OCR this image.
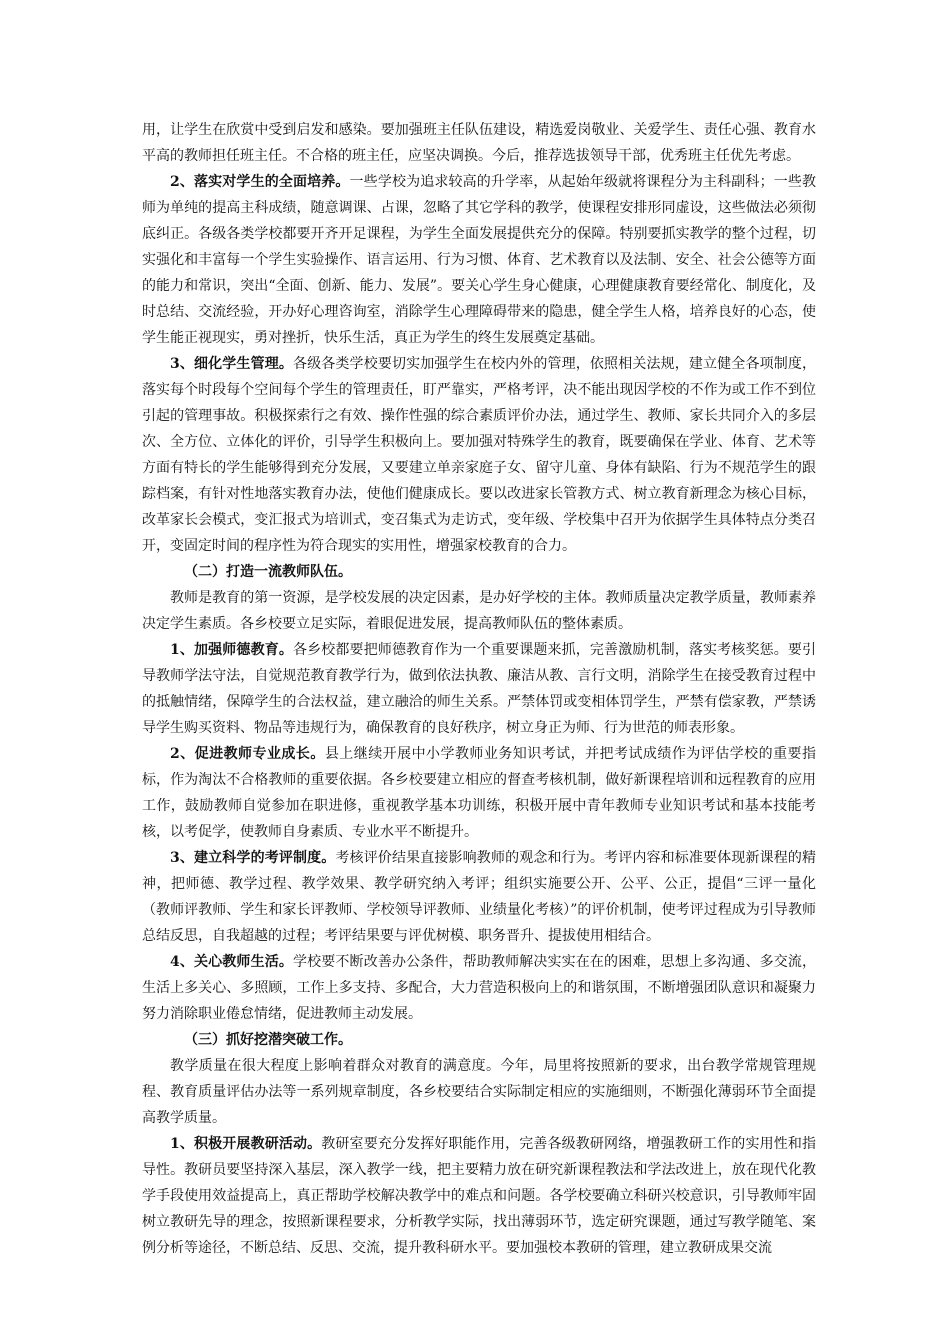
用，让学生在欣赏中受到启发和感染。要加强班主任队伍建设，精选爱岗敬业、关爱学生、责任心强、教育水平高的教师担任班主任。不合格的班主任，应坚决调换。今后，推荐选拔领导干部，优秀班主任优先考虑。

2、落实对学生的全面培养。一些学校为追求较高的升学率，从起始年级就将课程分为主科副科；一些教师为单纯的提高主科成绩，随意调课、占课，忽略了其它学科的教学，使课程安排形同虚设，这些做法必须彻底纠正。各级各类学校都要开齐开足课程，为学生全面发展提供充分的保障。特别要抓实教学的整个过程，切实强化和丰富每一个学生实验操作、语言运用、行为习惯、体育、艺术教育以及法制、安全、社会公德等方面的能力和常识，突出“全面、创新、能力、发展”。要关心学生身心健康，心理健康教育要经常化、制度化，及时总结、交流经验，开办好心理咨询室，消除学生心理障碍带来的隐患，健全学生人格，培养良好的心态，使学生能正视现实，勇对挫折，快乐生活，真正为学生的终生发展奠定基础。

3、细化学生管理。各级各类学校要切实加强学生在校内外的管理，依照相关法规，建立健全各项制度，落实每个时段每个空间每个学生的管理责任，盯严靠实，严格考评，决不能出现因学校的不作为或工作不到位引起的管理事故。积极探索行之有效、操作性强的综合素质评价办法，通过学生、教师、家长共同介入的多层次、全方位、立体化的评价，引导学生积极向上。要加强对特殊学生的教育，既要确保在学业、体育、艺术等方面有特长的学生能够得到充分发展，又要建立单亲家庭子女、留守儿童、身体有缺陷、行为不规范学生的跟踪档案，有针对性地落实教育办法，使他们健康成长。要以改进家长管教方式、树立教育新理念为核心目标，改革家长会模式，变汇报式为培训式，变召集式为走访式，变年级、学校集中召开为依据学生具体特点分类召开，变固定时间的程序性为符合现实的实用性，增强家校教育的合力。

（二）打造一流教师队伍。

教师是教育的第一资源，是学校发展的决定因素，是办好学校的主体。教师质量决定教学质量，教师素养决定学生素质。各乡校要立足实际，着眼促进发展，提高教师队伍的整体素质。

1、加强师德教育。各乡校都要把师德教育作为一个重要课题来抓，完善激励机制，落实考核奖惩。要引导教师学法守法，自觉规范教育教学行为，做到依法执教、廉洁从教、言行文明，消除学生在接受教育过程中的抵触情绪，保障学生的合法权益，建立融洽的师生关系。严禁体罚或变相体罚学生，严禁有偿家教，严禁诱导学生购买资料、物品等违规行为，确保教育的良好秩序，树立身正为师、行为世范的师表形象。

2、促进教师专业成长。县上继续开展中小学教师业务知识考试，并把考试成绩作为评估学校的重要指标，作为淘汰不合格教师的重要依据。各乡校要建立相应的督查考核机制，做好新课程培训和远程教育的应用工作，鼓励教师自觉参加在职进修，重视教学基本功训练，积极开展中青年教师专业知识考试和基本技能考核，以考促学，使教师自身素质、专业水平不断提升。

3、建立科学的考评制度。考核评价结果直接影响教师的观念和行为。考评内容和标准要体现新课程的精神，把师德、教学过程、教学效果、教学研究纳入考评；组织实施要公开、公平、公正，提倡“三评一量化（教师评教师、学生和家长评教师、学校领导评教师、业绩量化考核）”的评价机制，使考评过程成为引导教师总结反思，自我超越的过程；考评结果要与评优树模、职务晋升、提拔使用相结合。

4、关心教师生活。学校要不断改善办公条件，帮助教师解决实实在在的困难，思想上多沟通、多交流，生活上多关心、多照顾，工作上多支持、多配合，大力营造积极向上的和谐氛围，不断增强团队意识和凝聚力努力消除职业倦怠情绪，促进教师主动发展。

（三）抓好挖潜突破工作。

教学质量在很大程度上影响着群众对教育的满意度。今年，局里将按照新的要求，出台教学常规管理规程、教育质量评估办法等一系列规章制度，各乡校要结合实际制定相应的实施细则，不断强化薄弱环节全面提高教学质量。

1、积极开展教研活动。教研室要充分发挥好职能作用，完善各级教研网络，增强教研工作的实用性和指导性。教研员要坚持深入基层，深入教学一线，把主要精力放在研究新课程教法和学法改进上，放在现代化教学手段使用效益提高上，真正帮助学校解决教学中的难点和问题。各学校要确立科研兴校意识，引导教师牢固树立教研先导的理念，按照新课程要求，分析教学实际，找出薄弱环节，选定研究课题，通过写教学随笔、案例分析等途径，不断总结、反思、交流，提升教科研水平。要加强校本教研的管理，建立教研成果交流
